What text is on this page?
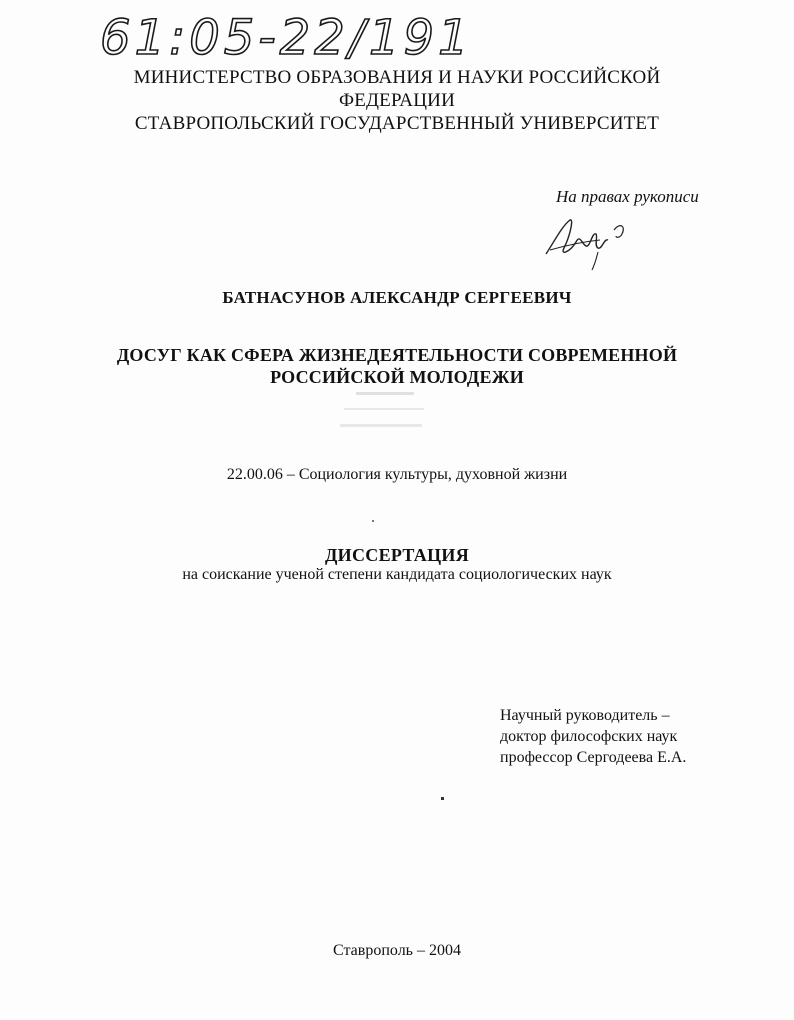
61:05-22/191
МИНИСТЕРСТВО ОБРАЗОВАНИЯ И НАУКИ РОССИЙСКОЙ
ФЕДЕРАЦИИ
СТАВРОПОЛЬСКИЙ ГОСУДАРСТВЕННЫЙ УНИВЕРСИТЕТ
На правах рукописи
БАТНАСУНОВ АЛЕКСАНДР СЕРГЕЕВИЧ
ДОСУГ КАК СФЕРА ЖИЗНЕДЕЯТЕЛЬНОСТИ СОВРЕМЕННОЙ
РОССИЙСКОЙ МОЛОДЕЖИ
22.00.06 – Социология культуры, духовной жизни
ДИССЕРТАЦИЯ
на соискание ученой степени кандидата социологических наук
Научный руководитель –
доктор философских наук
профессор Сергодеева Е.А.
Ставрополь – 2004
